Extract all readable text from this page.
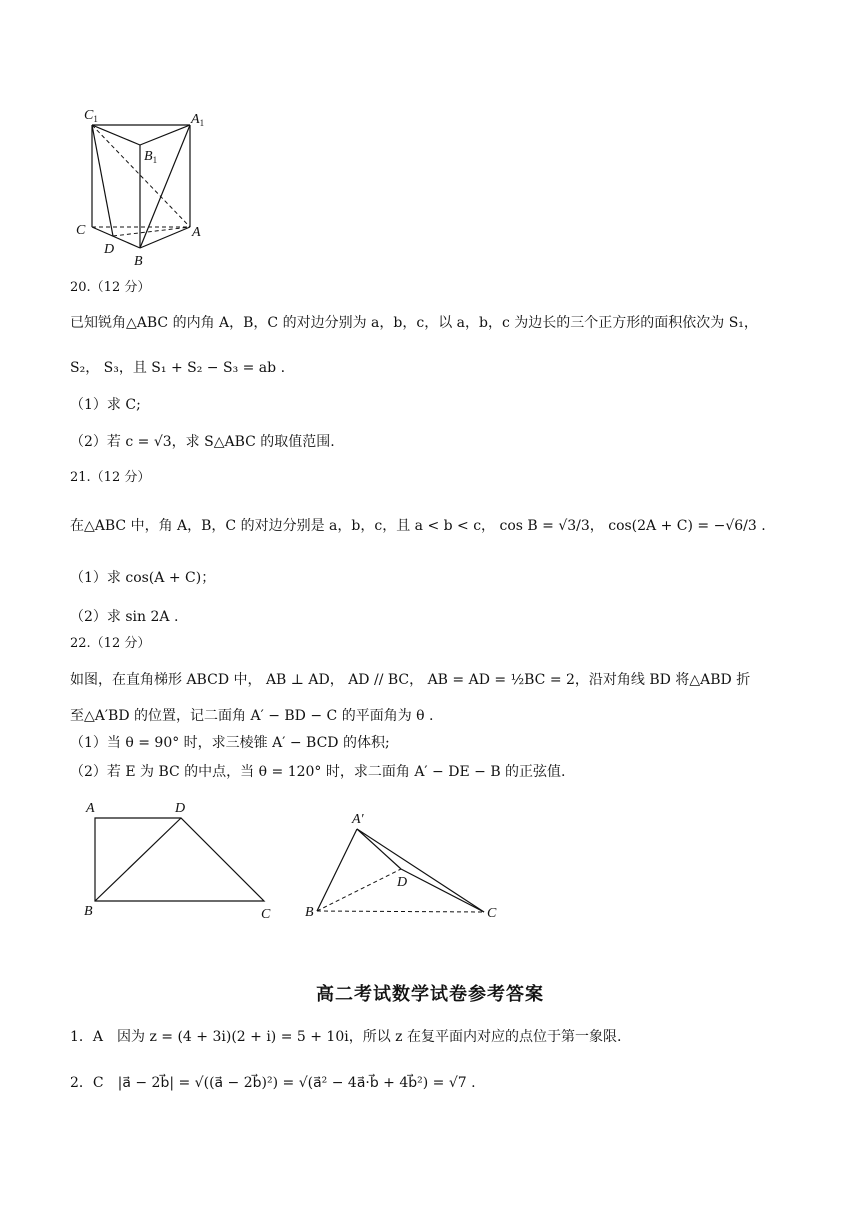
$C_1$	$A_1$
$B_1$
C
D
A
B
20.（12 分）
已知锐角△ABC 的内角 A，B，C 的对边分别为 a，b，c，以 a，b，c 为边长的三个正方形的面积依次为 S₁，
S₂， S₃，且 S₁ + S₂ − S₃ = ab .
（1）求 C;
（2）若 c = √3，求 S△ABC 的取值范围.
21.（12 分）
在△ABC 中，角 A，B，C 的对边分别是 a，b，c，且 a < b < c， cos B = √3/3， cos(2A + C) = −√6/3 .
（1）求 cos(A + C)；
（2）求 sin 2A .
22.（12 分）
如图，在直角梯形 ABCD 中， AB ⊥ AD， AD // BC， AB = AD = ½BC = 2，沿对角线 BD 将△ABD 折
至△A′BD 的位置，记二面角 A′ − BD − C 的平面角为 θ .
（1）当 θ = 90° 时，求三棱锥 A′ − BCD 的体积;
（2）若 E 为 BC 的中点，当 θ = 120° 时，求二面角 A′ − DE − B 的正弦值.
A	D
B	C
A′
D
B	C
高二考试数学试卷参考答案
1．A　因为 z = (4 + 3i)(2 + i) = 5 + 10i，所以 z 在复平面内对应的点位于第一象限.
2．C　|a⃗ − 2b⃗| = √((a⃗ − 2b⃗)²) = √(a⃗² − 4a⃗·b⃗ + 4b⃗²) = √7 .
